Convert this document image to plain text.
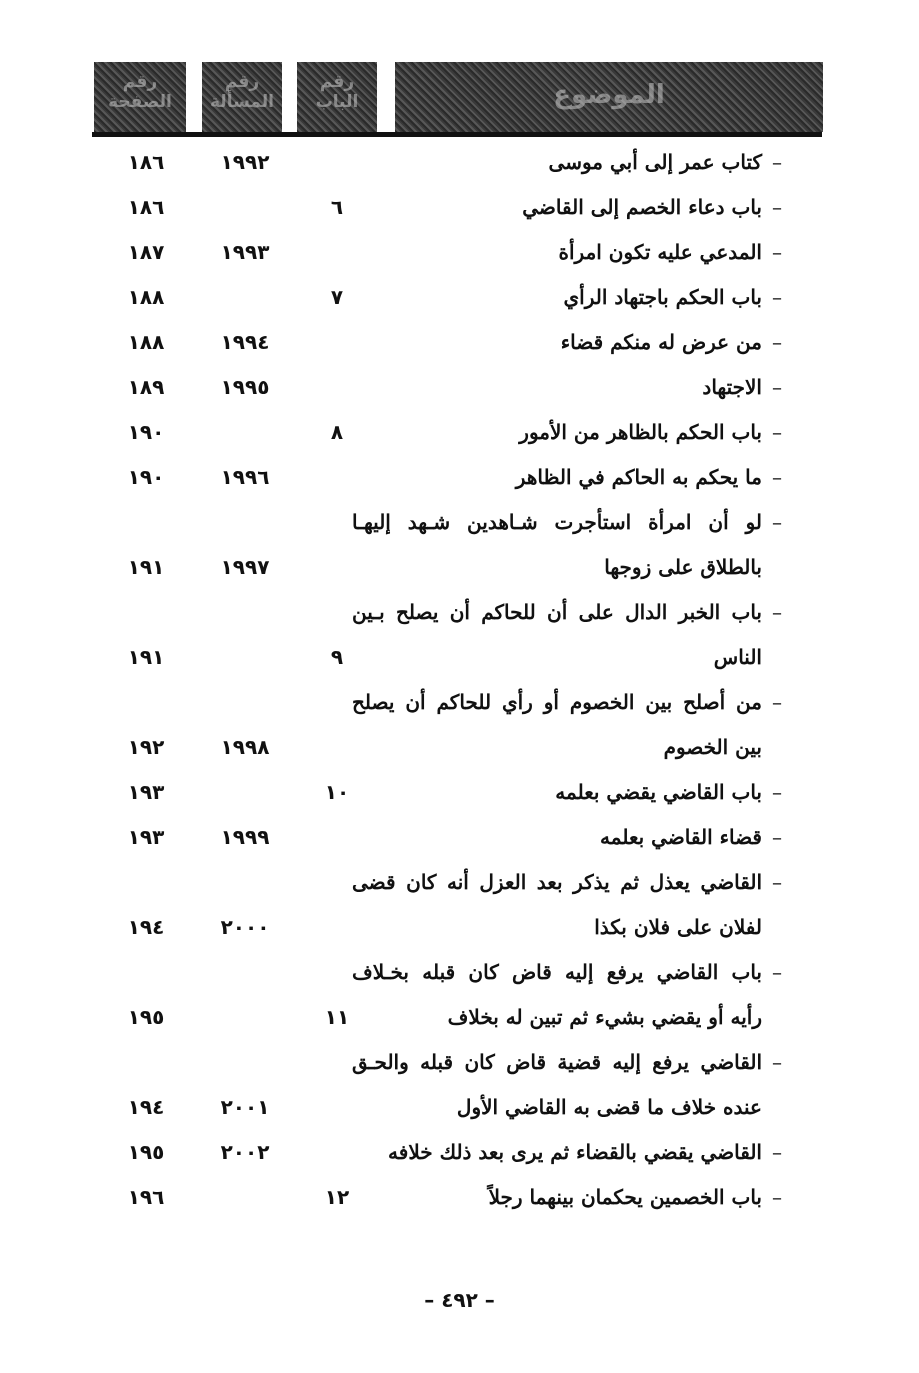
الموضوع
رقم
الباب
رقم
المسألة
رقم
الصفحة
–
كتاب عمر إلى أبي موسى
١٩٩٢
١٨٦
–
باب دعاء الخصم إلى القاضي
٦
١٨٦
–
المدعي عليه تكون امرأة
١٩٩٣
١٨٧
–
باب الحكم باجتهاد الرأي
٧
١٨٨
–
من عرض له منكم قضاء
١٩٩٤
١٨٨
–
الاجتهاد
١٩٩٥
١٨٩
–
باب الحكم بالظاهر من الأمور
٨
١٩٠
–
ما يحكم به الحاكم في الظاهر
١٩٩٦
١٩٠
–
لو أن امرأة استأجرت شـاهدين شـهد إليهـا
بالطلاق على زوجها
١٩٩٧
١٩١
–
باب الخبر الدال على أن للحاكم أن يصلح بـين
الناس
٩
١٩١
–
من أصلح بين الخصوم أو رأي للحاكم أن يصلح
بين الخصوم
١٩٩٨
١٩٢
–
باب القاضي يقضي بعلمه
١٠
١٩٣
–
قضاء القاضي بعلمه
١٩٩٩
١٩٣
–
القاضي يعذل ثم يذكر بعد العزل أنه كان قضى
لفلان على فلان بكذا
٢٠٠٠
١٩٤
–
باب القاضي يرفع إليه قاض كان قبله بخـلاف
رأيه أو يقضي بشيء ثم تبين له بخلاف
١١
١٩٥
–
القاضي يرفع إليه قضية قاض كان قبله والحـق
عنده خلاف ما قضى به القاضي الأول
٢٠٠١
١٩٤
–
القاضي يقضي بالقضاء ثم يرى بعد ذلك خلافه
٢٠٠٢
١٩٥
–
باب الخصمين يحكمان بينهما رجلاً
١٢
١٩٦
– ٤٩٢ –
